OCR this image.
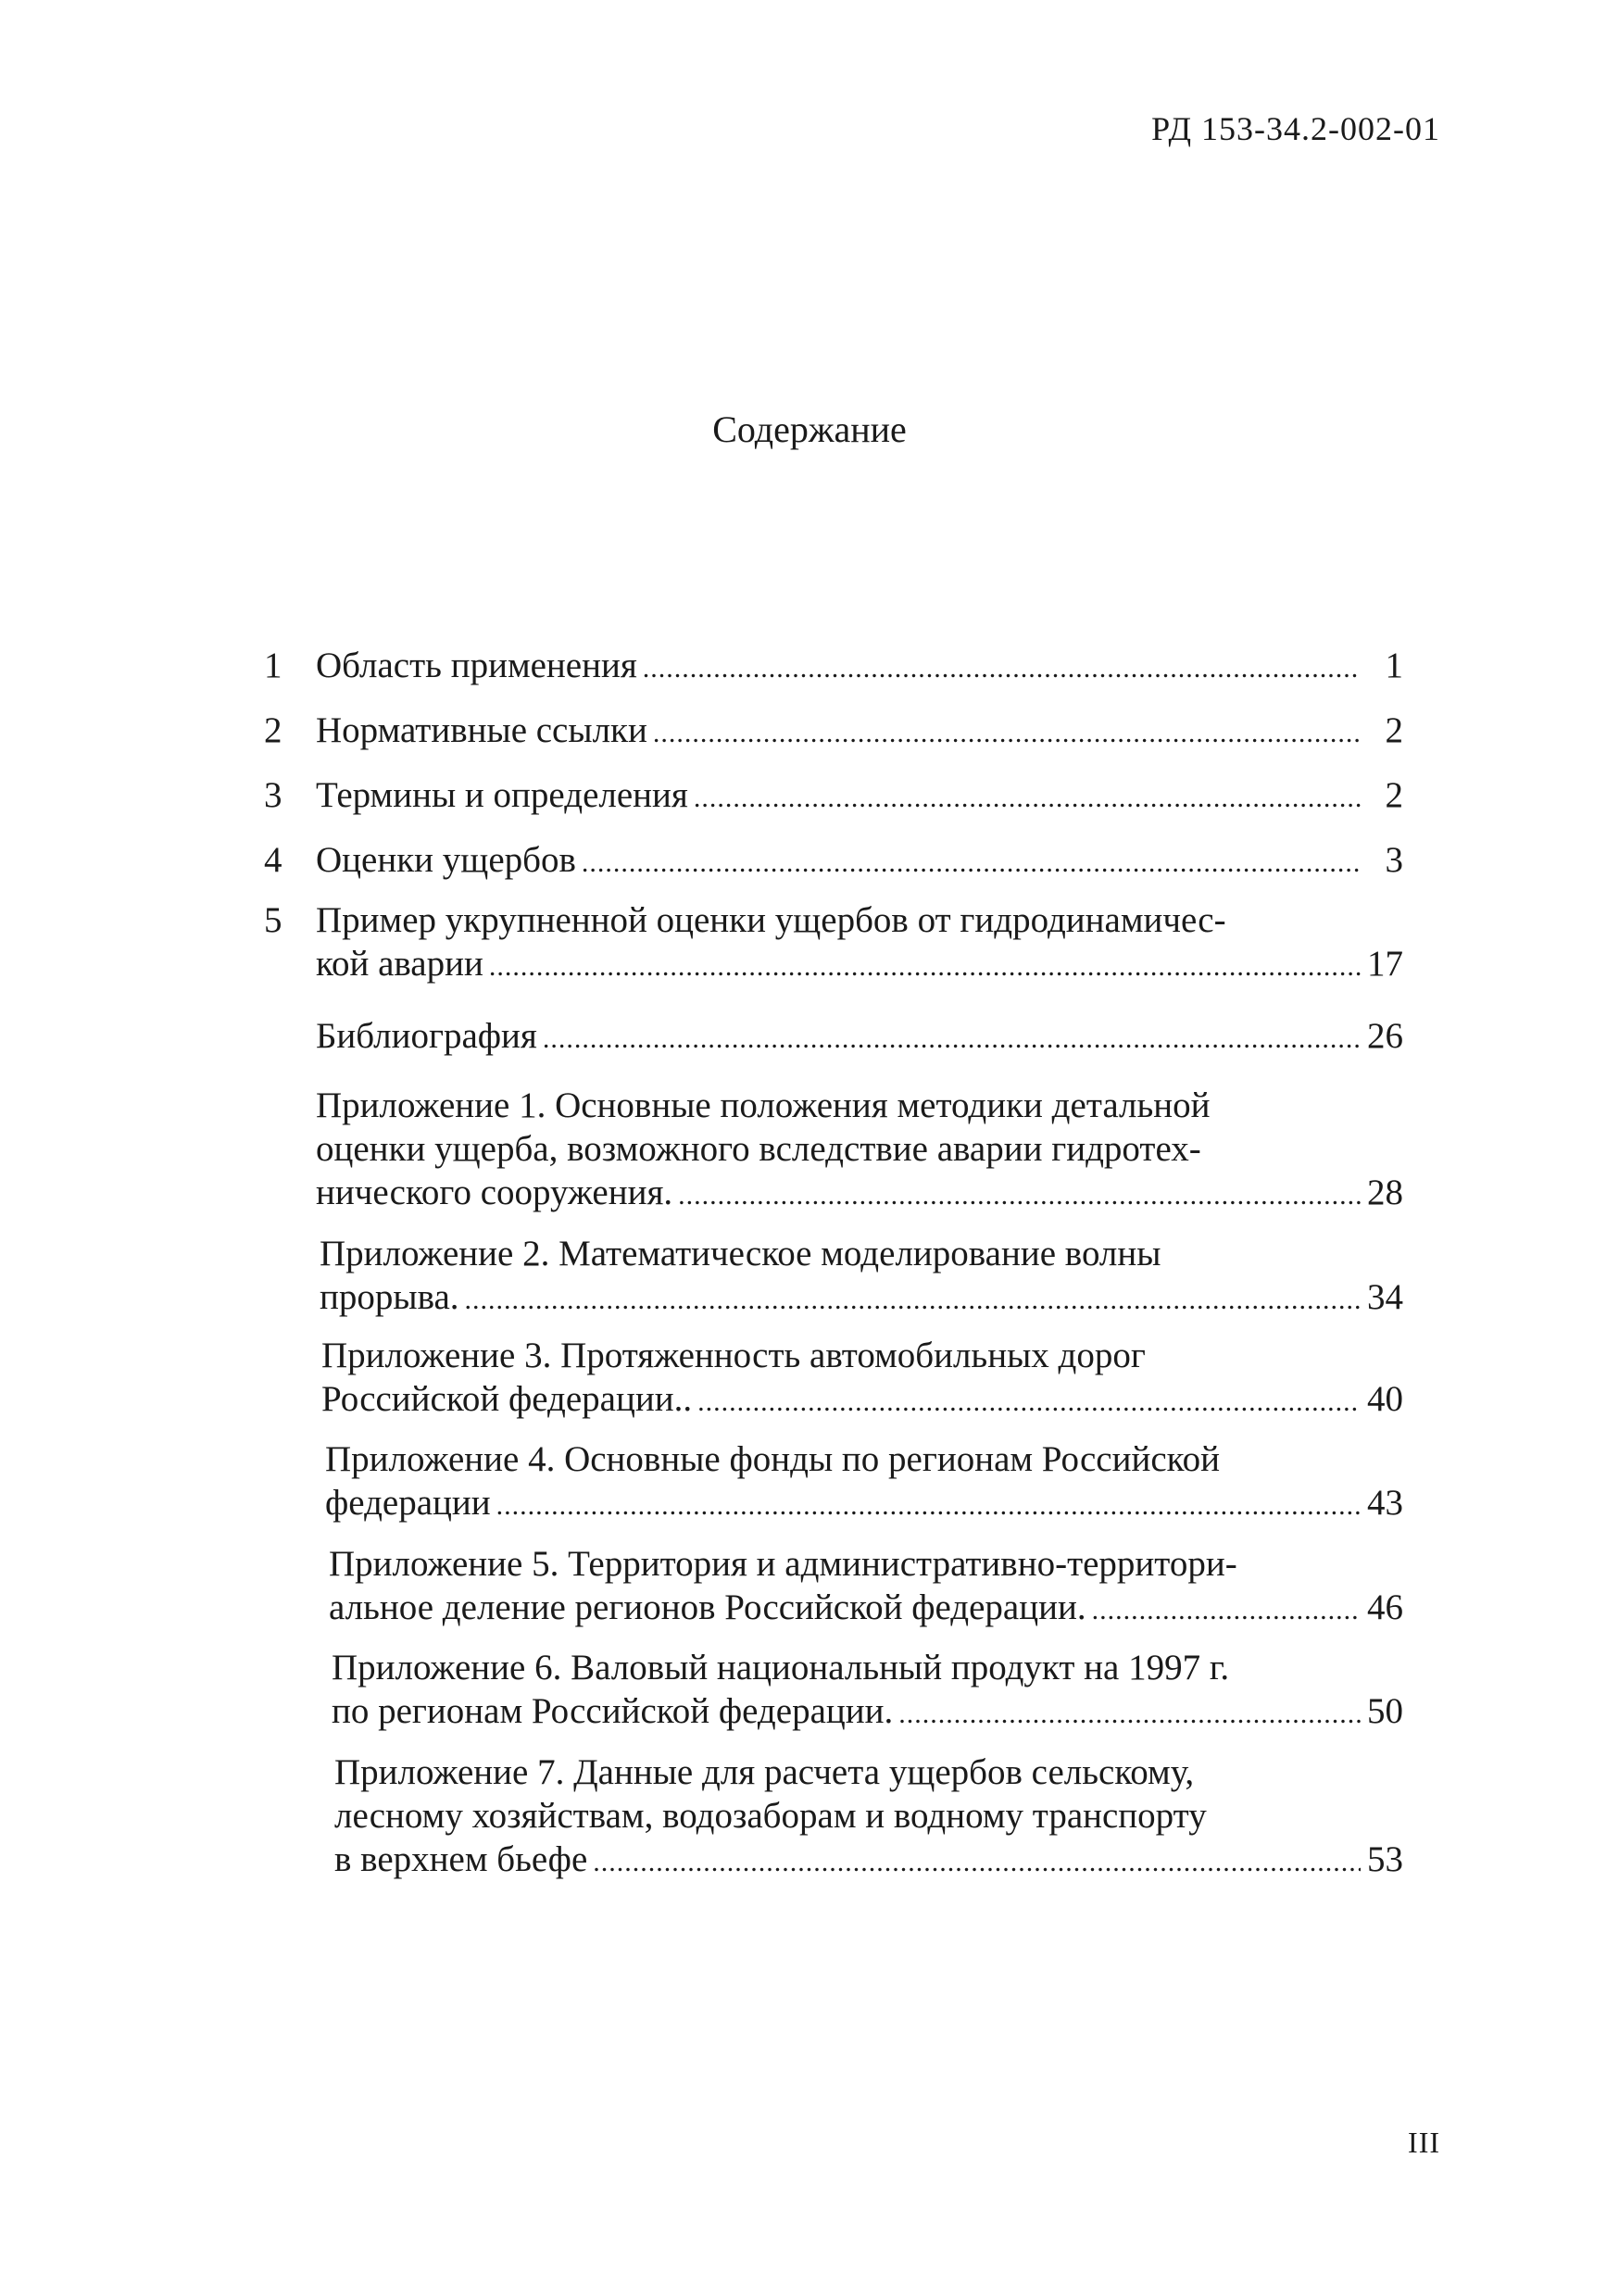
РД 153-34.2-002-01
Содержание
1 Область применения .....	1
2 Нормативные ссылки .....	2
3 Термины и определения .....	2
4 Оценки ущербов .....	3
5 Пример укрупненной оценки ущербов от гидродинамичес-
кой аварии .....	17
Библиография .....	26
Приложение 1. Основные положения методики детальной
оценки ущерба, возможного вследствие аварии гидротех-
нического сооружения. .....	28
Приложение 2. Математическое моделирование волны
прорыва. .....	34
Приложение 3. Протяженность автомобильных дорог
Российской федерации.. .....	40
Приложение 4. Основные фонды по регионам Российской
федерации .....	43
Приложение 5. Территория и административно-территори-
альное деление регионов Российской федерации. .....	46
Приложение 6. Валовый национальный продукт на 1997 г.
по регионам Российской федерации. .....	50
Приложение 7. Данные для расчета ущербов сельскому,
лесному хозяйствам, водозаборам и водному транспорту
в верхнем бьефе .....	53
III
